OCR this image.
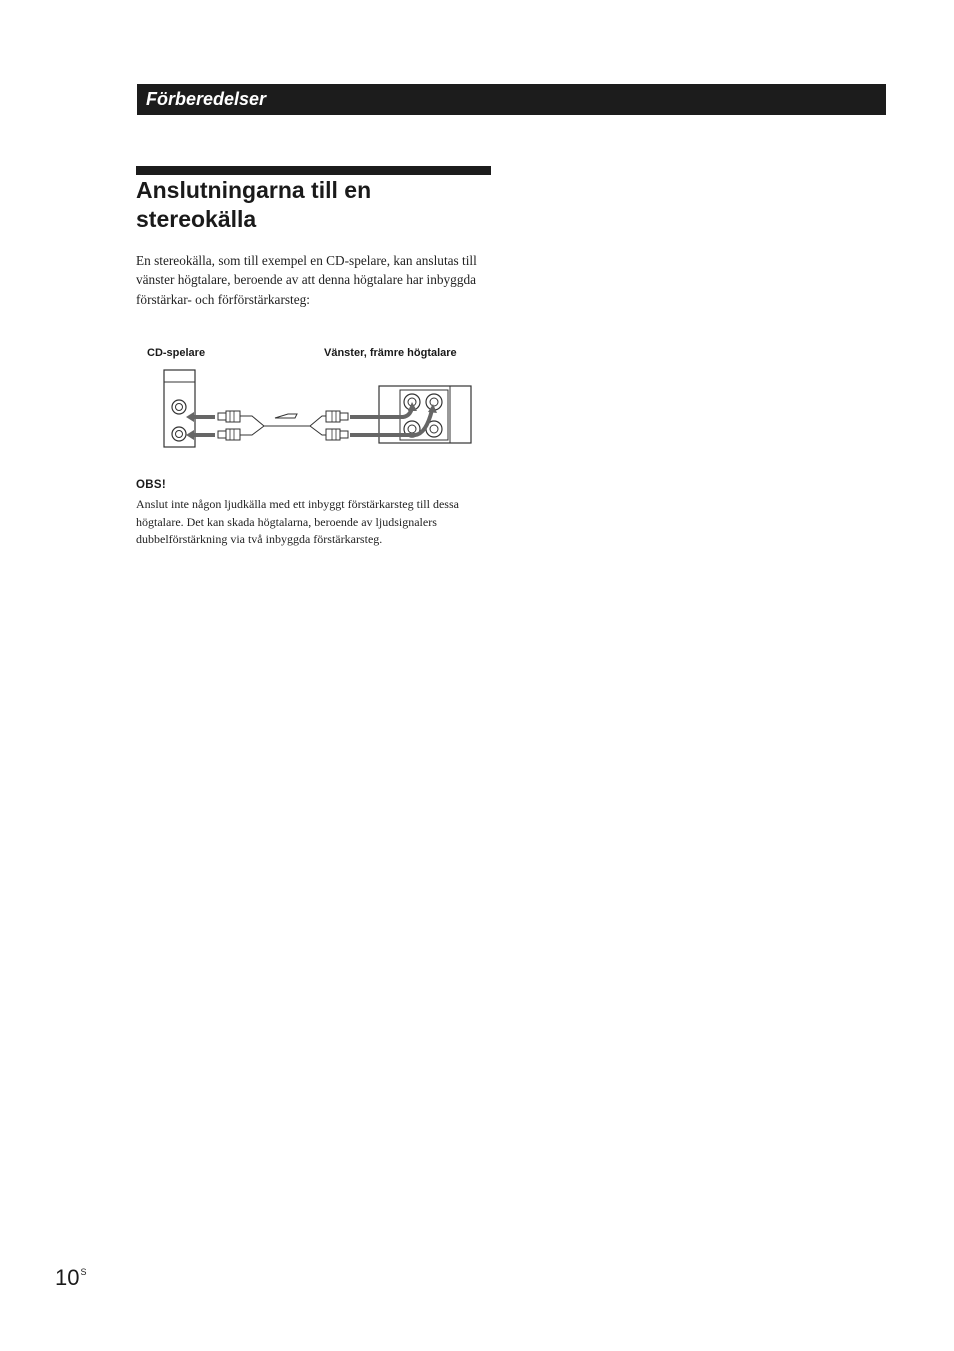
Förberedelser
Anslutningarna till en stereokälla

En stereokälla, som till exempel en CD-spelare, kan anslutas till vänster högtalare, beroende av att denna högtalare har inbyggda förstärkar- och förförstärkarsteg:

CD-spelare	Vänster, främre högtalare
OBS!

Anslut inte någon ljudkälla med ett inbyggt förstärkarsteg till dessa högtalare. Det kan skada högtalarna, beroende av ljudsignalers dubbelförstärkning via två inbyggda förstärkarsteg.

$10^S$
